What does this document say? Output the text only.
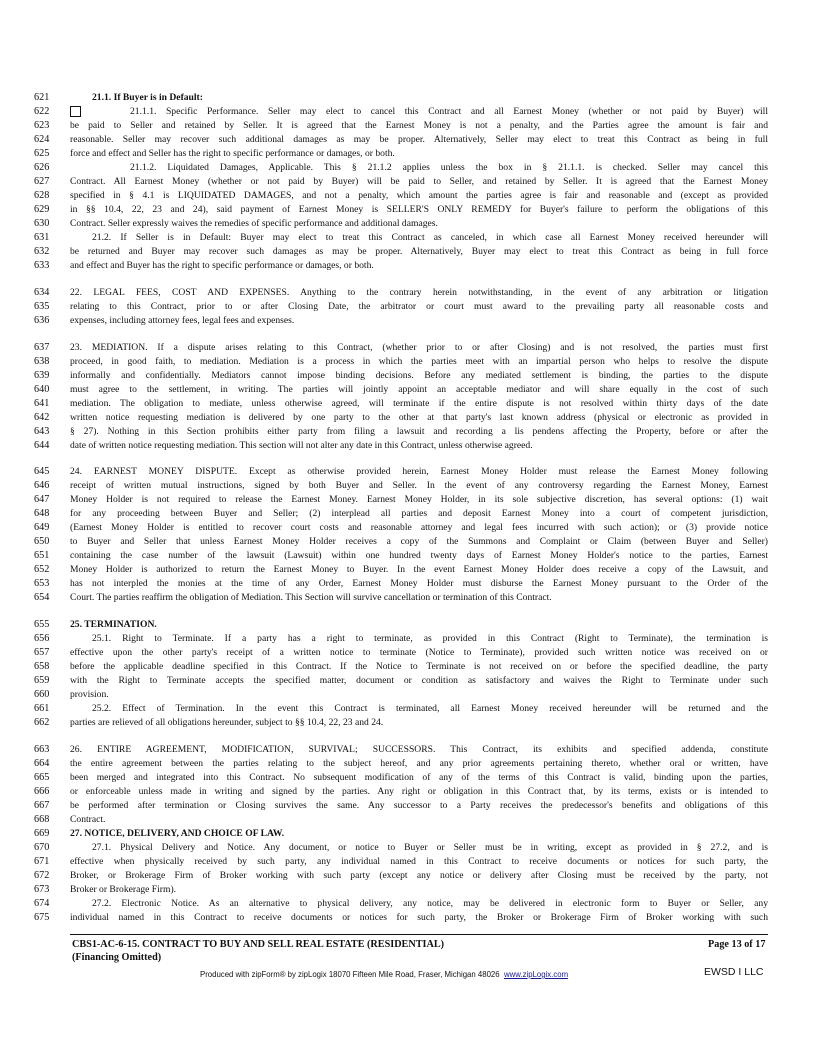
621	21.1. If Buyer is in Default:
622	21.1.1. Specific Performance. Seller may elect to cancel this Contract and all Earnest Money (whether or not paid by Buyer) will
623	be paid to Seller and retained by Seller. It is agreed that the Earnest Money is not a penalty, and the Parties agree the amount is fair and
624	reasonable. Seller may recover such additional damages as may be proper. Alternatively, Seller may elect to treat this Contract as being in full
625	force and effect and Seller has the right to specific performance or damages, or both.
626	21.1.2. Liquidated Damages, Applicable. This § 21.1.2 applies unless the box in § 21.1.1. is checked. Seller may cancel this
627	Contract. All Earnest Money (whether or not paid by Buyer) will be paid to Seller, and retained by Seller. It is agreed that the Earnest Money
628	specified in § 4.1 is LIQUIDATED DAMAGES, and not a penalty, which amount the parties agree is fair and reasonable and (except as provided
629	in §§ 10.4, 22, 23 and 24), said payment of Earnest Money is SELLER'S ONLY REMEDY for Buyer's failure to perform the obligations of this
630	Contract. Seller expressly waives the remedies of specific performance and additional damages.
631	21.2. If Seller is in Default: Buyer may elect to treat this Contract as canceled, in which case all Earnest Money received hereunder will
632	be returned and Buyer may recover such damages as may be proper. Alternatively, Buyer may elect to treat this Contract as being in full force
633	and effect and Buyer has the right to specific performance or damages, or both.
634	22. LEGAL FEES, COST AND EXPENSES. Anything to the contrary herein notwithstanding, in the event of any arbitration or litigation
635	relating to this Contract, prior to or after Closing Date, the arbitrator or court must award to the prevailing party all reasonable costs and
636	expenses, including attorney fees, legal fees and expenses.
637	23. MEDIATION. If a dispute arises relating to this Contract, (whether prior to or after Closing) and is not resolved, the parties must first
638	proceed, in good faith, to mediation. Mediation is a process in which the parties meet with an impartial person who helps to resolve the dispute
639	informally and confidentially. Mediators cannot impose binding decisions. Before any mediated settlement is binding, the parties to the dispute
640	must agree to the settlement, in writing. The parties will jointly appoint an acceptable mediator and will share equally in the cost of such
641	mediation. The obligation to mediate, unless otherwise agreed, will terminate if the entire dispute is not resolved within thirty days of the date
642	written notice requesting mediation is delivered by one party to the other at that party's last known address (physical or electronic as provided in
643	§ 27). Nothing in this Section prohibits either party from filing a lawsuit and recording a lis pendens affecting the Property, before or after the
644	date of written notice requesting mediation. This section will not alter any date in this Contract, unless otherwise agreed.
645	24. EARNEST MONEY DISPUTE. Except as otherwise provided herein, Earnest Money Holder must release the Earnest Money following
646	receipt of written mutual instructions, signed by both Buyer and Seller. In the event of any controversy regarding the Earnest Money, Earnest
647	Money Holder is not required to release the Earnest Money. Earnest Money Holder, in its sole subjective discretion, has several options: (1) wait
648	for any proceeding between Buyer and Seller; (2) interplead all parties and deposit Earnest Money into a court of competent jurisdiction,
649	(Earnest Money Holder is entitled to recover court costs and reasonable attorney and legal fees incurred with such action); or (3) provide notice
650	to Buyer and Seller that unless Earnest Money Holder receives a copy of the Summons and Complaint or Claim (between Buyer and Seller)
651	containing the case number of the lawsuit (Lawsuit) within one hundred twenty days of Earnest Money Holder's notice to the parties, Earnest
652	Money Holder is authorized to return the Earnest Money to Buyer. In the event Earnest Money Holder does receive a copy of the Lawsuit, and
653	has not interpled the monies at the time of any Order, Earnest Money Holder must disburse the Earnest Money pursuant to the Order of the
654	Court. The parties reaffirm the obligation of Mediation. This Section will survive cancellation or termination of this Contract.
655	25. TERMINATION.
656	25.1. Right to Terminate. If a party has a right to terminate, as provided in this Contract (Right to Terminate), the termination is
657	effective upon the other party's receipt of a written notice to terminate (Notice to Terminate), provided such written notice was received on or
658	before the applicable deadline specified in this Contract. If the Notice to Terminate is not received on or before the specified deadline, the party
659	with the Right to Terminate accepts the specified matter, document or condition as satisfactory and waives the Right to Terminate under such
660	provision.
661	25.2. Effect of Termination. In the event this Contract is terminated, all Earnest Money received hereunder will be returned and the
662	parties are relieved of all obligations hereunder, subject to §§ 10.4, 22, 23 and 24.
663	26. ENTIRE AGREEMENT, MODIFICATION, SURVIVAL; SUCCESSORS. This Contract, its exhibits and specified addenda, constitute
664	the entire agreement between the parties relating to the subject hereof, and any prior agreements pertaining thereto, whether oral or written, have
665	been merged and integrated into this Contract. No subsequent modification of any of the terms of this Contract is valid, binding upon the parties,
666	or enforceable unless made in writing and signed by the parties. Any right or obligation in this Contract that, by its terms, exists or is intended to
667	be performed after termination or Closing survives the same. Any successor to a Party receives the predecessor's benefits and obligations of this
668	Contract.
669	27. NOTICE, DELIVERY, AND CHOICE OF LAW.
670	27.1. Physical Delivery and Notice. Any document, or notice to Buyer or Seller must be in writing, except as provided in § 27.2, and is
671	effective when physically received by such party, any individual named in this Contract to receive documents or notices for such party, the
672	Broker, or Brokerage Firm of Broker working with such party (except any notice or delivery after Closing must be received by the party, not
673	Broker or Brokerage Firm).
674	27.2. Electronic Notice. As an alternative to physical delivery, any notice, may be delivered in electronic form to Buyer or Seller, any
675	individual named in this Contract to receive documents or notices for such party, the Broker or Brokerage Firm of Broker working with such
CBS1-AC-6-15. CONTRACT TO BUY AND SELL REAL ESTATE (RESIDENTIAL)
(Financing Omitted)
Page 13 of 17
Produced with zipForm® by zipLogix 18070 Fifteen Mile Road, Fraser, Michigan 48026 www.zipLogix.com	EWSD I LLC
